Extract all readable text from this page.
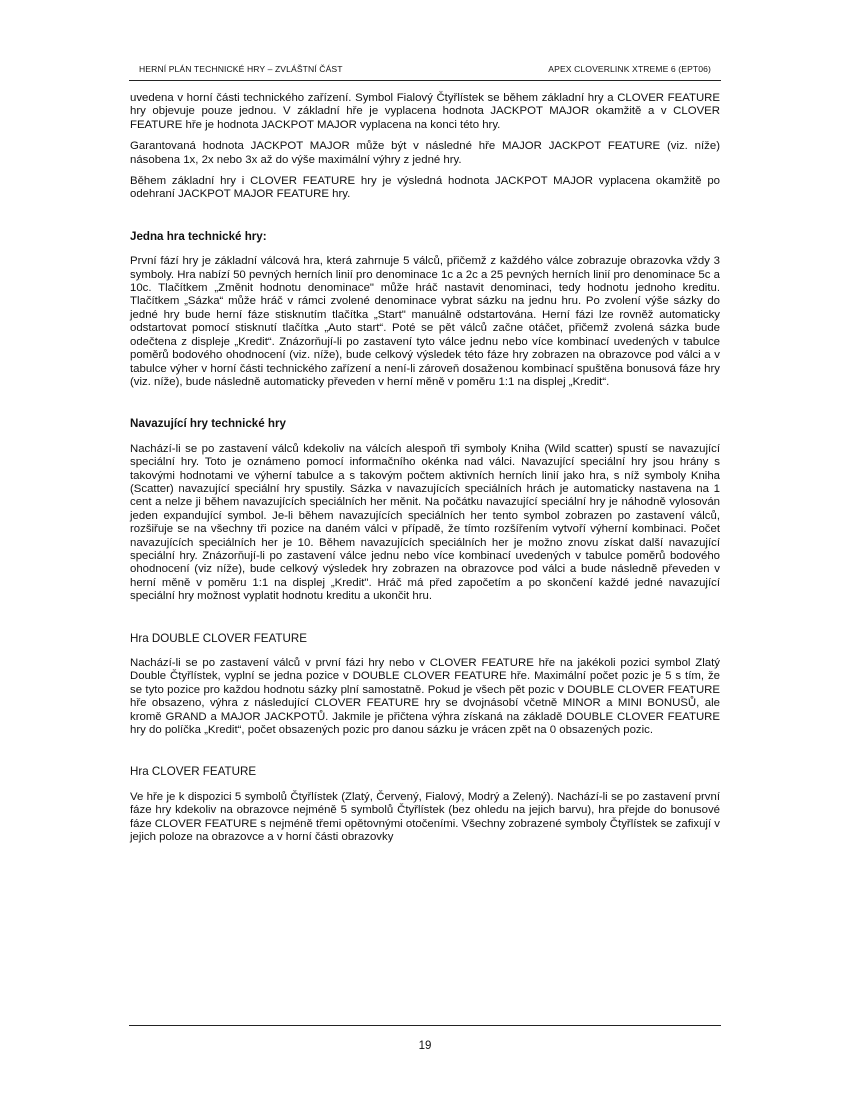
HERNÍ PLÁN TECHNICKÉ HRY – ZVLÁŠTNÍ ČÁST	APEX CLOVERLINK XTREME 6 (EPT06)

uvedena v horní části technického zařízení. Symbol Fialový Čtyřlístek se během základní hry a CLOVER FEATURE hry objevuje pouze jednou. V základní hře je vyplacena hodnota JACKPOT MAJOR okamžitě a v CLOVER FEATURE hře je hodnota JACKPOT MAJOR vyplacena na konci této hry.

Garantovaná hodnota JACKPOT MAJOR může být v následné hře MAJOR JACKPOT FEATURE (viz. níže) násobena 1x, 2x nebo 3x až do výše maximální výhry z jedné hry.

Během základní hry i CLOVER FEATURE hry je výsledná hodnota JACKPOT MAJOR vyplacena okamžitě po odehraní JACKPOT MAJOR FEATURE hry.

Jedna hra technické hry:

První fází hry je základní válcová hra, která zahrnuje 5 válců, přičemž z každého válce zobrazuje obrazovka vždy 3 symboly. Hra nabízí 50 pevných herních linií pro denominace 1c a 2c a 25 pevných herních linií pro denominace 5c a 10c. Tlačítkem „Změnit hodnotu denominace" může hráč nastavit denominaci, tedy hodnotu jednoho kreditu. Tlačítkem „Sázka“ může hráč v rámci zvolené denominace vybrat sázku na jednu hru. Po zvolení výše sázky do jedné hry bude herní fáze stisknutím tlačítka „Start" manuálně odstartována. Herní fázi lze rovněž automaticky odstartovat pomocí stisknutí tlačítka „Auto start“. Poté se pět válců začne otáčet, přičemž zvolená sázka bude odečtena z displeje „Kredit“. Znázorňují-li po zastavení tyto válce jednu nebo více kombinací uvedených v tabulce poměrů bodového ohodnocení (viz. níže), bude celkový výsledek této fáze hry zobrazen na obrazovce pod válci a v tabulce výher v horní části technického zařízení a není-li zároveň dosaženou kombinací spuštěna bonusová fáze hry (viz. níže), bude následně automaticky převeden v herní měně v poměru 1:1 na displej „Kredit“.

Navazující hry technické hry

Nachází-li se po zastavení válců kdekoliv na válcích alespoň tři symboly Kniha (Wild scatter) spustí se navazující speciální hry. Toto je oznámeno pomocí informačního okénka nad válci. Navazující speciální hry jsou hrány s takovými hodnotami ve výherní tabulce a s takovým počtem aktivních herních linií jako hra, s níž symboly Kniha (Scatter) navazující speciální hry spustily. Sázka v navazujících speciálních hrách je automaticky nastavena na 1 cent a nelze ji během navazujících speciálních her měnit. Na počátku navazující speciální hry je náhodně vylosován jeden expandující symbol. Je-li během navazujících speciálních her tento symbol zobrazen po zastavení válců, rozšiřuje se na všechny tři pozice na daném válci v případě, že tímto rozšířením vytvoří výherní kombinaci. Počet navazujících speciálních her je 10. Během navazujících speciálních her je možno znovu získat další navazující speciální hry. Znázorňují-li po zastavení válce jednu nebo více kombinací uvedených v tabulce poměrů bodového ohodnocení (viz níže), bude celkový výsledek hry zobrazen na obrazovce pod válci a bude následně převeden v herní měně v poměru 1:1 na displej „Kredit". Hráč má před započetím a po skončení každé jedné navazující speciální hry možnost vyplatit hodnotu kreditu a ukončit hru.

Hra DOUBLE CLOVER FEATURE

Nachází-li se po zastavení válců v první fázi hry nebo v CLOVER FEATURE hře na jakékoli pozici symbol Zlatý Double Čtyřlístek, vyplní se jedna pozice v DOUBLE CLOVER FEATURE hře. Maximální počet pozic je 5 s tím, že se tyto pozice pro každou hodnotu sázky plní samostatně. Pokud je všech pět pozic v DOUBLE CLOVER FEATURE hře obsazeno, výhra z následující CLOVER FEATURE hry se dvojnásobí včetně MINOR a MINI BONUSŮ, ale kromě GRAND a MAJOR JACKPOTŮ. Jakmile je přičtena výhra získaná na základě DOUBLE CLOVER FEATURE hry do políčka „Kredit“, počet obsazených pozic pro danou sázku je vrácen zpět na 0 obsazených pozic.

Hra CLOVER FEATURE

Ve hře je k dispozici 5 symbolů Čtyřlístek (Zlatý, Červený, Fialový, Modrý a Zelený). Nachází-li se po zastavení první fáze hry kdekoliv na obrazovce nejméně 5 symbolů Čtyřlístek (bez ohledu na jejich barvu), hra přejde do bonusové fáze CLOVER FEATURE s nejméně třemi opětovnými otočeními. Všechny zobrazené symboly Čtyřlístek se zafixují v jejich poloze na obrazovce a v horní části obrazovky

19
